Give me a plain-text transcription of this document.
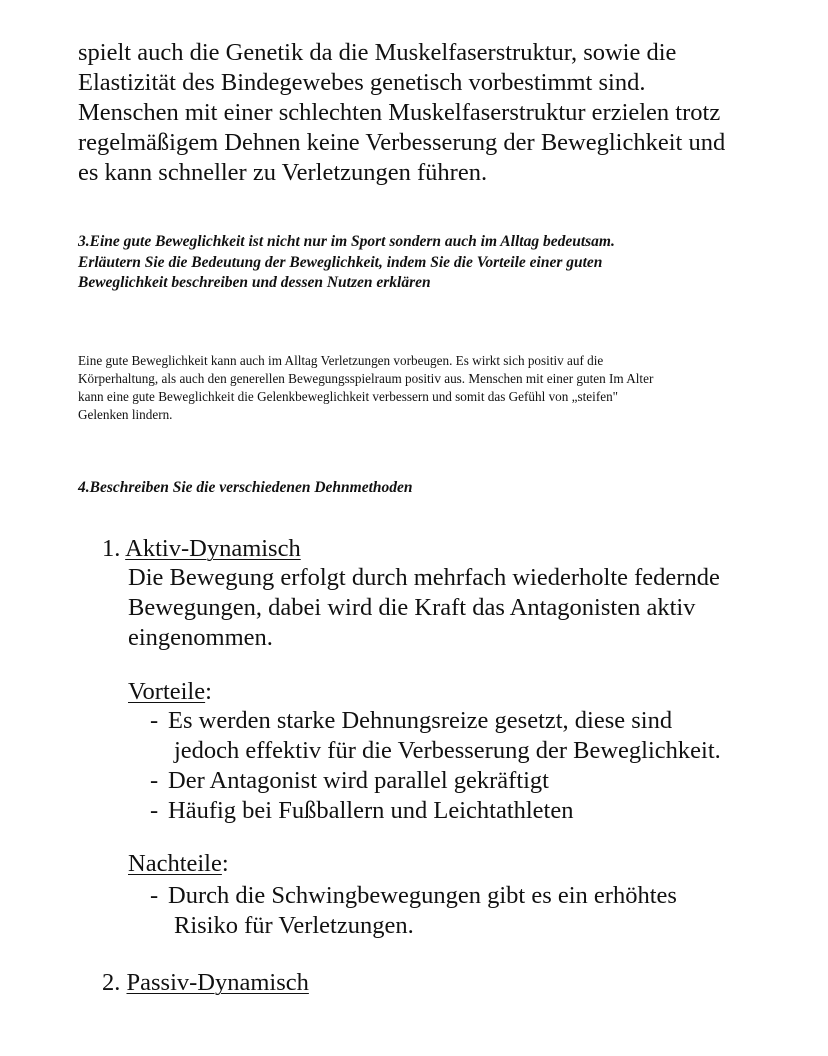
spielt auch die Genetik da die Muskelfaserstruktur, sowie die
Elastizität des Bindegewebes genetisch vorbestimmt sind.
Menschen mit einer schlechten Muskelfaserstruktur erzielen trotz
regelmäßigem Dehnen keine Verbesserung der Beweglichkeit und
es kann schneller zu Verletzungen führen.

3.Eine gute Beweglichkeit ist nicht nur im Sport sondern auch im Alltag bedeutsam.
Erläutern Sie die Bedeutung der Beweglichkeit, indem Sie die Vorteile einer guten
Beweglichkeit beschreiben und dessen Nutzen erklären

Eine gute Beweglichkeit kann auch im Alltag Verletzungen vorbeugen. Es wirkt sich positiv auf die
Körperhaltung, als auch den generellen Bewegungsspielraum positiv aus. Menschen mit einer guten Im Alter
kann eine gute Beweglichkeit die Gelenkbeweglichkeit verbessern und somit das Gefühl von „steifen"
Gelenken lindern.

4.Beschreiben Sie die verschiedenen Dehnmethoden

1. Aktiv-Dynamisch

Die Bewegung erfolgt durch mehrfach wiederholte federnde
Bewegungen, dabei wird die Kraft das Antagonisten aktiv
eingenommen.

Vorteile:
- Es werden starke Dehnungsreize gesetzt, diese sind
jedoch effektiv für die Verbesserung der Beweglichkeit.
- Der Antagonist wird parallel gekräftigt
- Häufig bei Fußballern und Leichtathleten
Nachteile:
- Durch die Schwingbewegungen gibt es ein erhöhtes
Risiko für Verletzungen.
2. Passiv-Dynamisch
